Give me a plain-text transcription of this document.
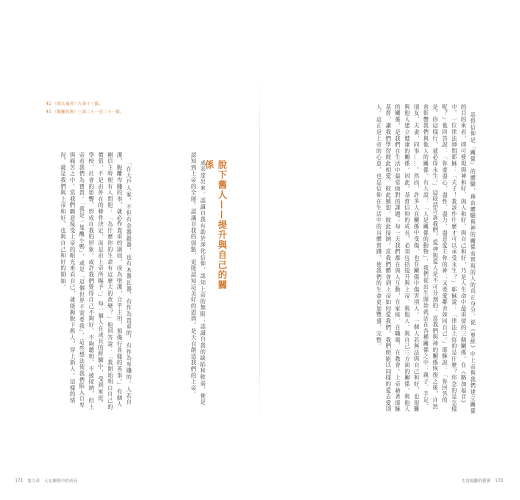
42 《馬太福音》九章十三節。
43 《歌羅西書》三章二十一至二十一節。
脫下舊人——提升與自己的關係

成表達出來。認識自我有助於深化信仰，認知上帝的無限；認識自我的缺陷和軟弱，便是認知到上帝的全能。認識自我的弱點，更能認知這美好的恩典。是天自創造我們的上帝。

「在大戶人家，不但有金器銀器，也有木器瓦器，有作為貴重的，有作為卑賤的。人若自潔，脫離卑賤的事，就必作貴重的器皿，成為聖潔，合乎主用，預備行各樣的善事。」有個人剛信主時便有人問他：「為什麼你的生命有這麼大的改變？」他回答說：「我開始明白自己的價值，不是由外在的條件決定，而是由上帝所賜予。」每一個人在成長的經驗中，受到家庭、學校、社會的影響，形成自我的形象。或許我們覺得自己不夠好、不夠聰明、不被接納，但上帝看我們為寶貴。「我是一隻醜小鴨」，或是「這個世界不需要我」，這些想法使我們陷入自卑與痛苦之中。當我們願意接受上帝的眼光來看自己，就能夠脫下舊人，穿上新人。這樣的情況，就是我們與上帝和好，也與自己和好的開始。

171 第九章　人在關係中的成長

基督信仰是「關係」的體驗，藉由體驗與神的關係而實現的人的真正身分。從《聖經》中上帝與我們建立關係的目的來看，即可發現與神和好、與人和好、與自己和好，乃是人生命中最重要的三個關係。在《路加福音》中，一位律法師問耶穌：「夫子！我該作什麼才可以承受永生？」耶穌說：「律法上寫的是什麼？你念的是怎樣呢？」他回答說：「你要盡心、盡性、盡力、盡意愛主你的神；又要愛鄰舍如同自己。」耶穌說：「你回答的是。你這樣行，就必得永生。」這段話告訴我們，愛神與愛人是不可分割的。當我們與神的關係恢復之後，自然會影響我們與他人的關係。有人說：「人是關係的動物」，我們從出生開始就活在各種關係之中：親子、手足、朋友、夫妻、同事……。然而，許多人在關係中受傷，也在關係中傷害別人。一個人若無法與自己和好，也很難與他人建立健康的關係。因此，基督信仰的成長，必須包括提升與上帝、與他人、與自己三方面的關係。與他人的關係，是我們在生活中最常面對的課題；每一天我們都在與人互動，在家庭、在職場、在教會。上帝藉著耶穌基督，讓我們學習彼此相愛、彼此饒恕、彼此接納。當我們體會到上帝如何愛我們，我們便能以同樣的愛去愛別人。這正是上帝的心意，也是信仰在生活中的具體實踐，使我們的生命更加豐盛、完整。

生涯規劃的藝術 170
